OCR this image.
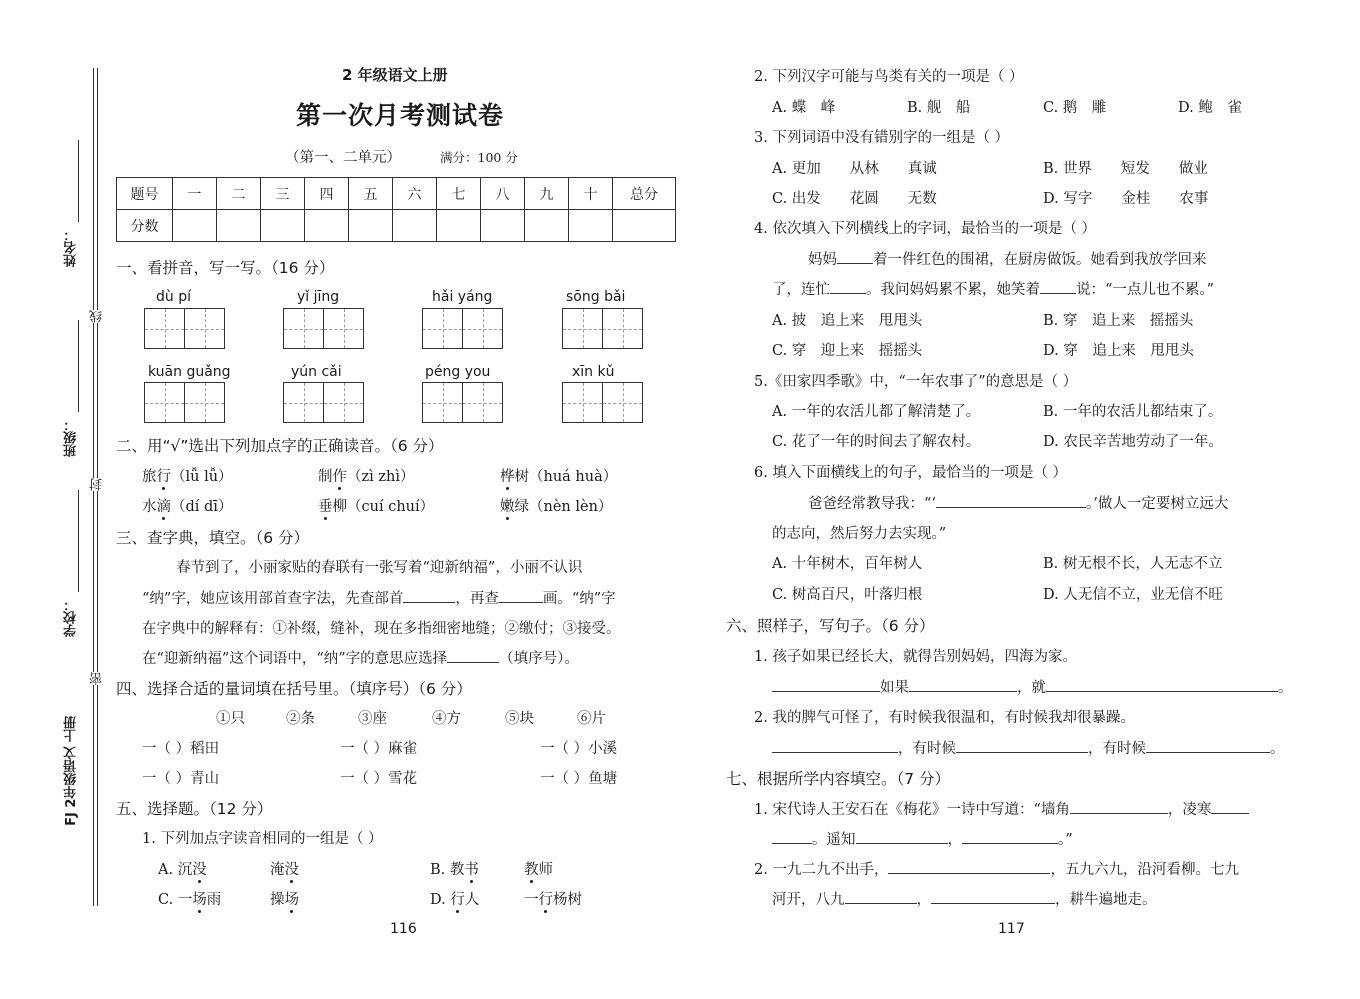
姓名：
班级：
学校：
线
封
密
FJ 2年级语文 上册
2 年级语文上册
第一次月考测试卷
（第一、二单元）	满分：100 分
题号	一	二	三	四	五	六	七	八	九	十	总分
分数											
一、看拼音，写一写。（16 分）
dù pí	yǐ jīng	hǎi yáng	sōng bǎi
kuān guǎng	yún cǎi	péng you	xīn kǔ
二、用“√”选出下列加点字的正确读音。（6 分）
旅行（lǚ lǚ）	制作（zì zhì）	桦树（huá huà）
水滴（dí dī）	垂柳（cuí chuí）	嫩绿（nèn lèn）
三、查字典，填空。（6 分）
春节到了，小丽家贴的春联有一张写着“迎新纳福”，小丽不认识
“纳”字，她应该用部首查字法，先查部首	，再查	画。“纳”字
在字典中的解释有：①补缀，缝补，现在多指细密地缝；②缴付；③接受。
在“迎新纳福”这个词语中，“纳”字的意思应选择	（填序号）。
四、选择合适的量词填在括号里。（填序号）（6 分）
①只	②条	③座	④方	⑤块	⑥片
一（ ）稻田	一（ ）麻雀	一（ ）小溪
一（ ）青山	一（ ）雪花	一（ ）鱼塘
五、选择题。（12 分）
1. 下列加点字读音相同的一组是（ ）
A. 沉没	淹没	B. 教书	教师
C. 一场雨	操场	D. 行人	一行杨树
116
2. 下列汉字可能与鸟类有关的一项是（ ）
A. 蝶　峰	B. 舰　船	C. 鹅　雕	D. 鲍　雀
3. 下列词语中没有错别字的一组是（ ）
A. 更加　　从林　　真诚	B. 世界　　短发　　做业
C. 出发　　花圆　　无数	D. 写字　　金桂　　农事
4. 依次填入下列横线上的字词，最恰当的一项是（ ）
妈妈 着一件红色的围裙，在厨房做饭。她看到我放学回来
了，连忙 。我问妈妈累不累，她笑着 说：“一点儿也不累。”
A. 披　追上来　甩甩头	B. 穿　追上来　摇摇头
C. 穿　迎上来　摇摇头	D. 穿　追上来　甩甩头
5.《田家四季歌》中，“一年农事了”的意思是（ ）
A. 一年的农活儿都了解清楚了。	B. 一年的农活儿都结束了。
C. 花了一年的时间去了解农村。	D. 农民辛苦地劳动了一年。
6. 填入下面横线上的句子，最恰当的一项是（ ）
爸爸经常教导我：“‘	。’做人一定要树立远大
的志向，然后努力去实现。”
A. 十年树木，百年树人	B. 树无根不长，人无志不立
C. 树高百尺，叶落归根	D. 人无信不立，业无信不旺
六、照样子，写句子。（6 分）
1. 孩子如果已经长大，就得告别妈妈，四海为家。
如果	，就	。
2. 我的脾气可怪了，有时候我很温和，有时候我却很暴躁。
，有时候	，有时候	。
七、根据所学内容填空。（7 分）
1. 宋代诗人王安石在《梅花》一诗中写道：“墙角	，凌寒
。遥知	，	。”
2. 一九二九不出手，	，五九六九，沿河看柳。七九
河开，八九	，	，耕牛遍地走。
117
